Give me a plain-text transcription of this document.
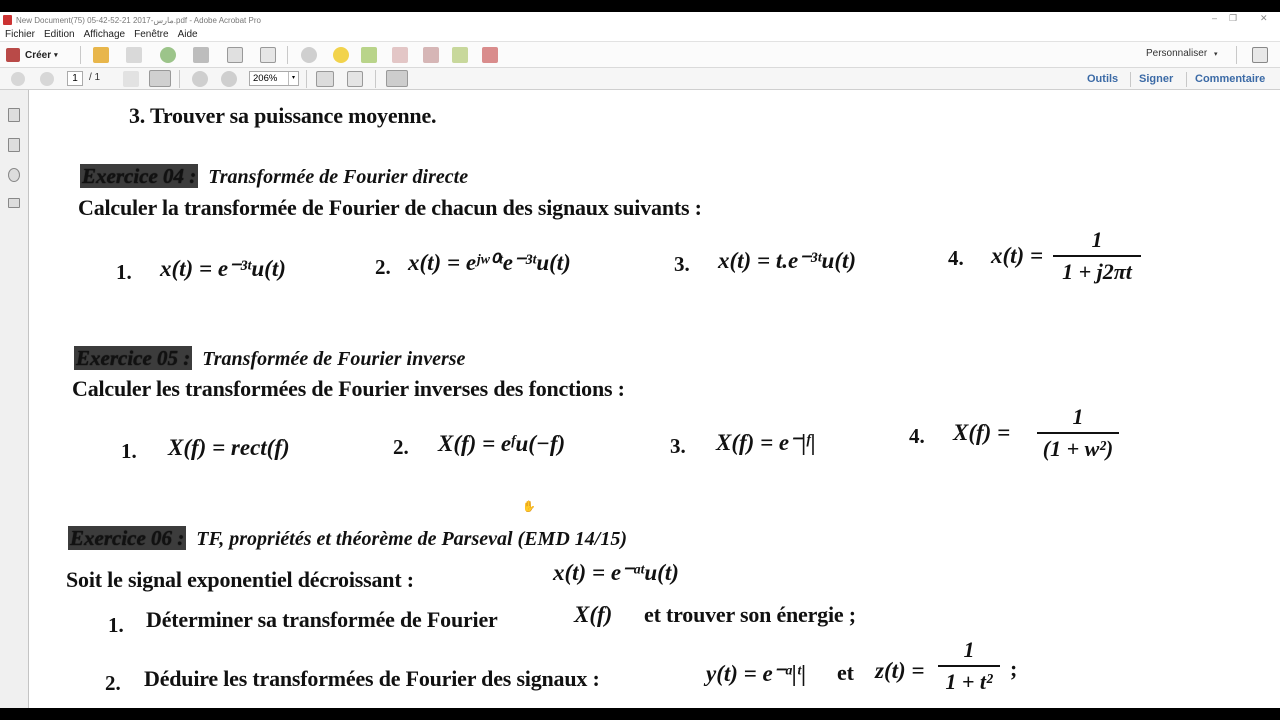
New Document(75) 05-42-52-21 2017-مارس.pdf - Adobe Acrobat Pro	– ❐	✕
Fichier Edition Affichage Fenêtre Aide
Créer ▾	Personnaliser ▾
1	/ 1	206%	▾	Outils Signer Commentaire
3. Trouver sa puissance moyenne.
Exercice 04 : Transformée de Fourier directe
Calculer la transformée de Fourier de chacun des signaux suivants :
1. x(t) = e⁻³ᵗu(t)	2. x(t) = eʲʷ⁰ᵗe⁻³ᵗu(t)	3. x(t) = t.e⁻³ᵗu(t)	4. x(t) =
1
1 + j2πt
Exercice 05 : Transformée de Fourier inverse
Calculer les transformées de Fourier inverses des fonctions :
1. X(f) = rect(f)	2. X(f) = eᶠu(−f)	3. X(f) = e⁻|ᶠ|	4. X(f) =
1
(1 + w²)
✋
Exercice 06 : TF, propriétés et théorème de Parseval (EMD 14/15)
Soit le signal exponentiel décroissant :	x(t) = e⁻ᵅᵗu(t)
1. Déterminer sa transformée de Fourier	X(f) et trouver son énergie ;
2. Déduire les transformées de Fourier des signaux :	y(t) = e⁻ᵅ|ᵗ| et z(t) =
1
1 + t²
;
